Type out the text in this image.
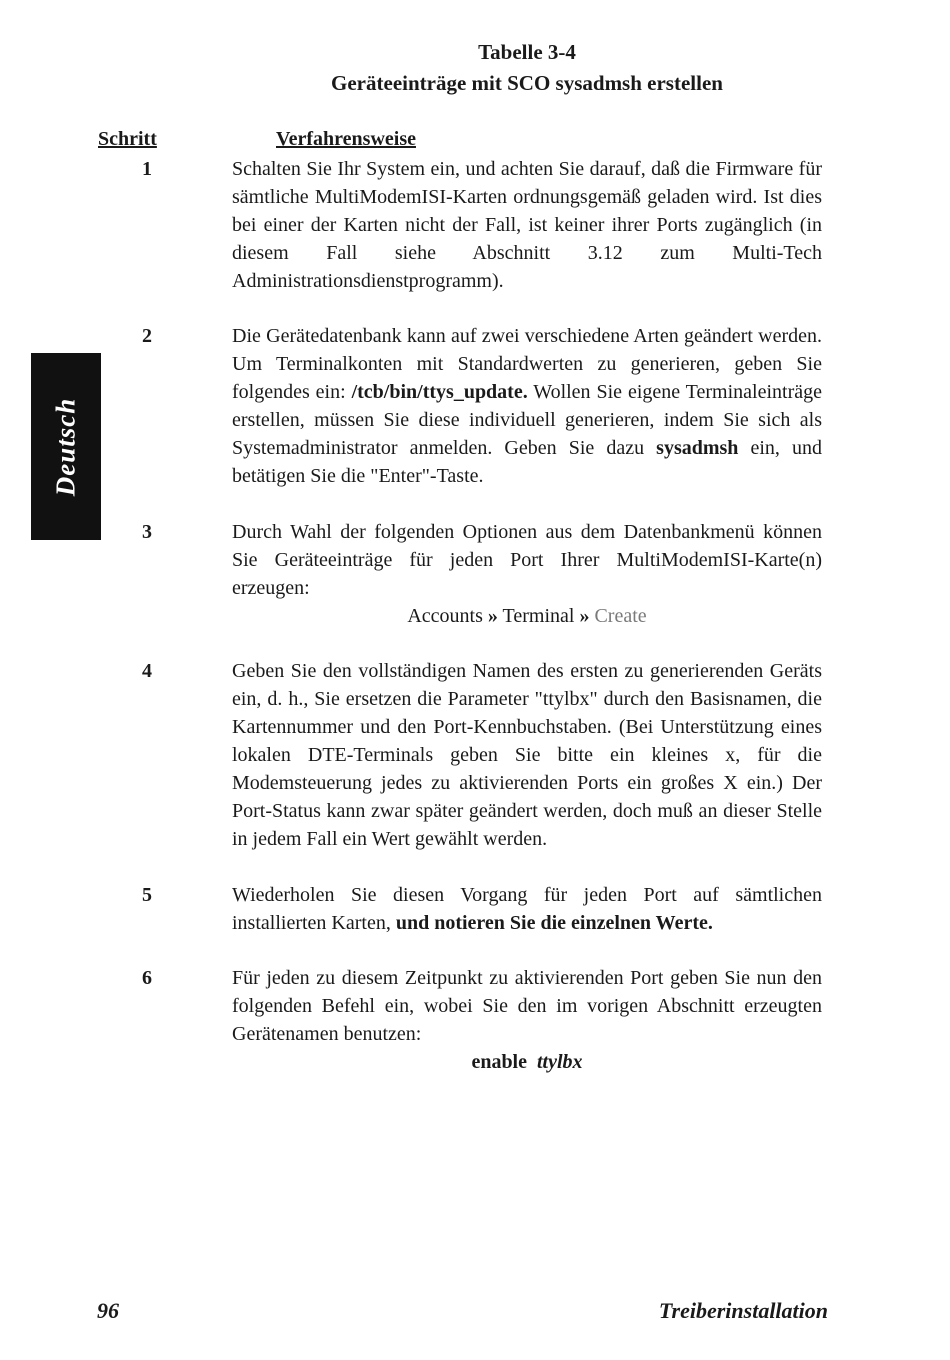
Tabelle 3-4
Geräteeinträge mit SCO sysadmsh erstellen
Schritt	Verfahrensweise
Deutsch
1	Schalten Sie Ihr System ein, und achten Sie darauf, daß die Firmware für sämtliche MultiModemISI-Karten ordnungsgemäß geladen wird. Ist dies bei einer der Karten nicht der Fall, ist keiner ihrer Ports zugänglich (in diesem Fall siehe Abschnitt 3.12 zum Multi-Tech Administrationsdienstprogramm).
2	Die Gerätedatenbank kann auf zwei verschiedene Arten geändert werden. Um Terminalkonten mit Standardwerten zu generieren, geben Sie folgendes ein: /tcb/bin/ttys_update. Wollen Sie eigene Terminaleinträge erstellen, müssen Sie diese individuell generieren, indem Sie sich als Systemadministrator anmelden. Geben Sie dazu sysadmsh ein, und betätigen Sie die "Enter"-Taste.
3	Durch Wahl der folgenden Optionen aus dem Datenbankmenü können Sie Geräteeinträge für jeden Port Ihrer MultiModemISI-Karte(n) erzeugen:
Accounts » Terminal » Create
4	Geben Sie den vollständigen Namen des ersten zu generierenden Geräts ein, d. h., Sie ersetzen die Parameter "ttylbx" durch den Basisnamen, die Kartennummer und den Port-Kennbuchstaben. (Bei Unterstützung eines lokalen DTE-Terminals geben Sie bitte ein kleines x, für die Modemsteuerung jedes zu aktivierenden Ports ein großes X ein.) Der Port-Status kann zwar später geändert werden, doch muß an dieser Stelle in jedem Fall ein Wert gewählt werden.
5	Wiederholen Sie diesen Vorgang für jeden Port auf sämtlichen installierten Karten, und notieren Sie die einzelnen Werte.
6	Für jeden zu diesem Zeitpunkt zu aktivierenden Port geben Sie nun den folgenden Befehl ein, wobei Sie den im vorigen Abschnitt erzeugten Gerätenamen benutzen:
enable ttylbx
96	Treiberinstallation
